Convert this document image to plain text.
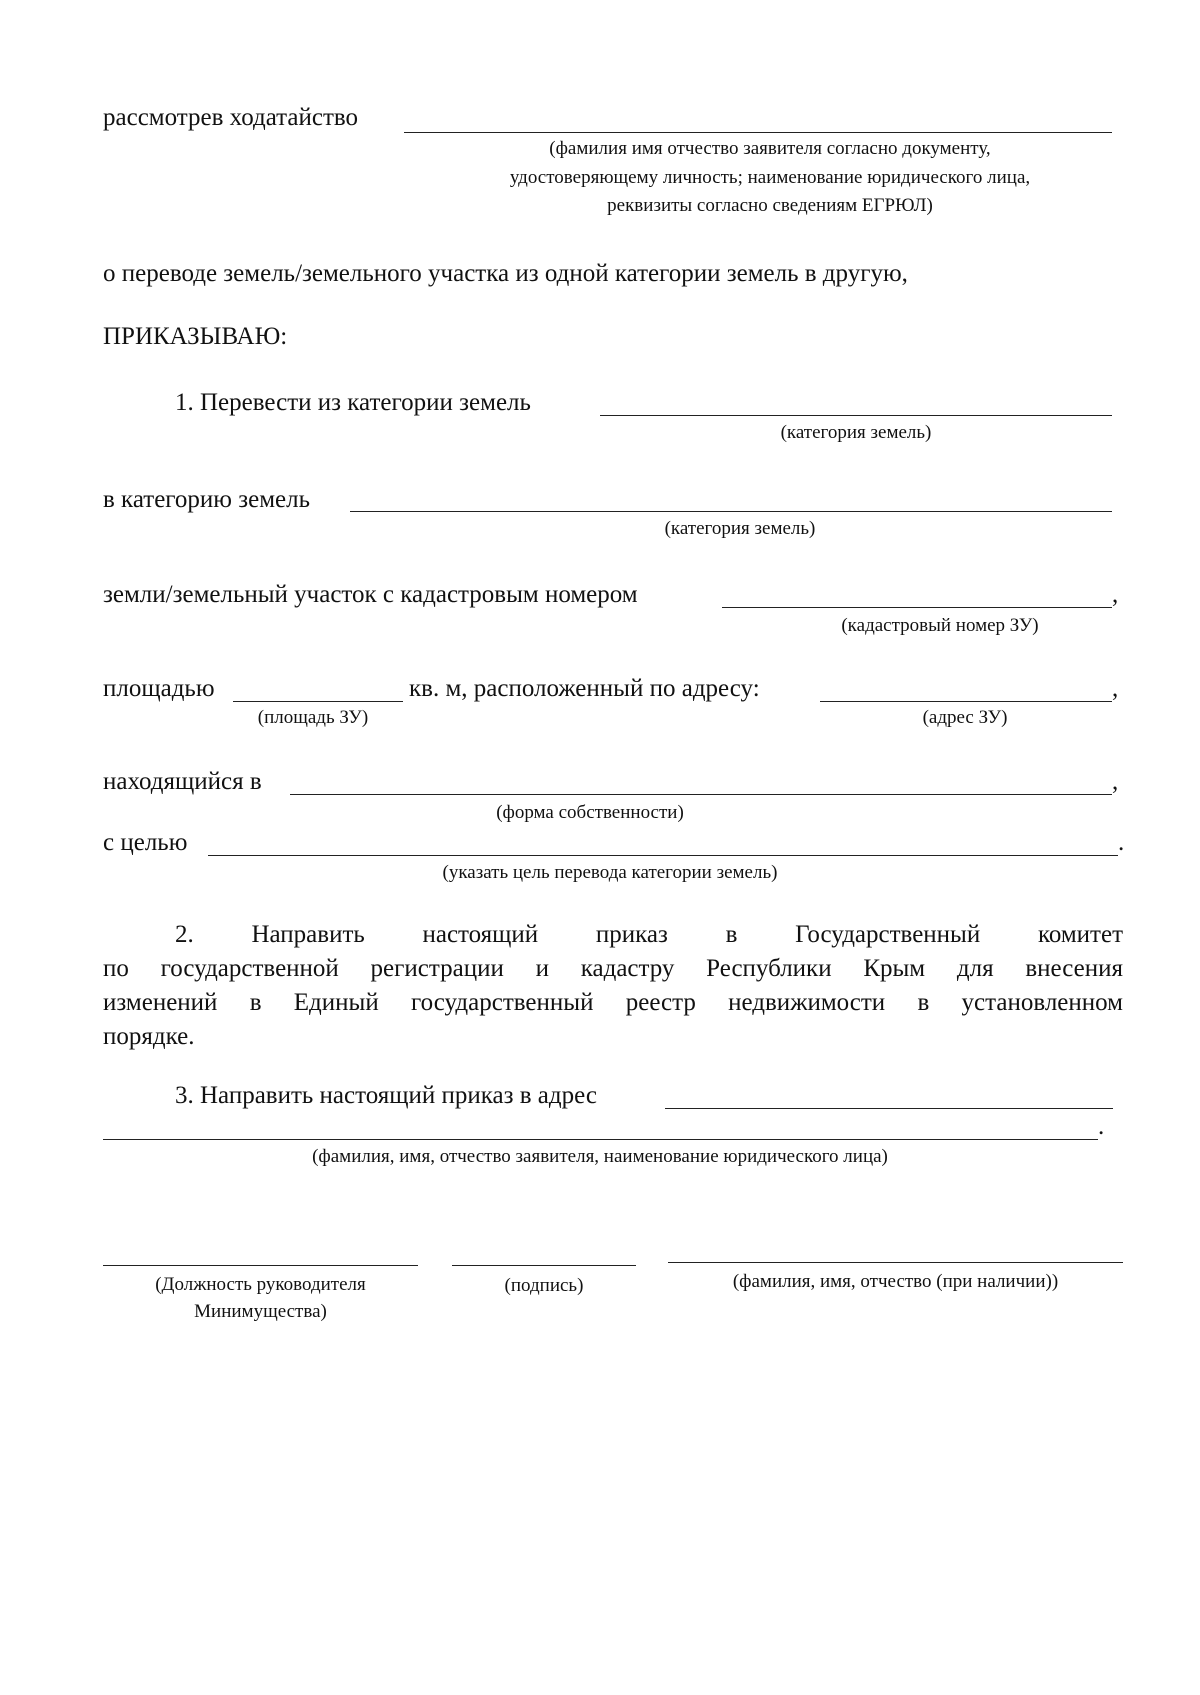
рассмотрев ходатайство
(фамилия имя отчество заявителя согласно документу,
удостоверяющему личность; наименование юридического лица,
реквизиты согласно сведениям ЕГРЮЛ)
о переводе земель/земельного участка из одной категории земель в другую,
ПРИКАЗЫВАЮ:
1. Перевести из категории земель
(категория земель)
в категорию земель
(категория земель)
земли/земельный участок с кадастровым номером	,
(кадастровый номер ЗУ)
площадью	кв. м, расположенный по адресу:	,
(площадь ЗУ)	(адрес ЗУ)
находящийся в	,
(форма собственности)
с целью	.
(указать цель перевода категории земель)
2. Направить настоящий приказ в Государственный комитет
по государственной регистрации и кадастру Республики Крым для внесения
изменений в Единый государственный реестр недвижимости в установленном
порядке.
3. Направить настоящий приказ в адрес
.
(фамилия, имя, отчество заявителя, наименование юридического лица)
(Должность руководителя
Минимущества)
(подпись)	(фамилия, имя, отчество (при наличии))
